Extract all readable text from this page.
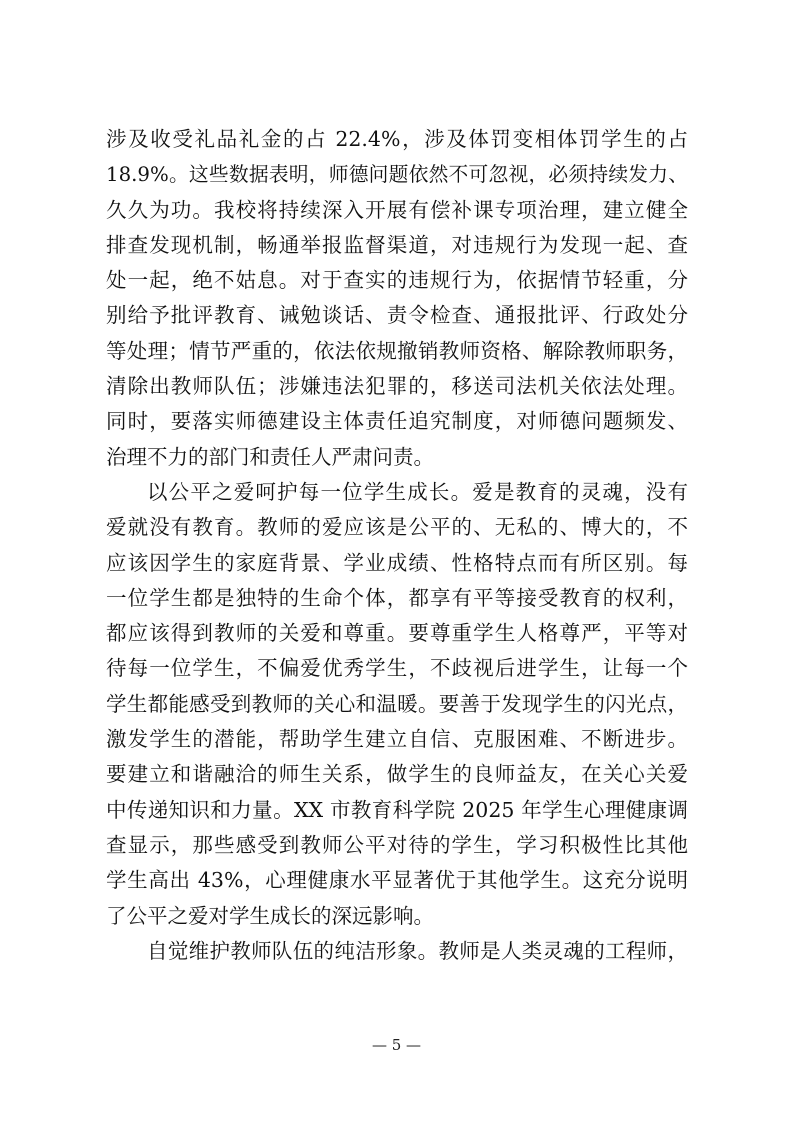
涉及收受礼品礼金的占 22.4%，涉及体罚变相体罚学生的占
18.9%。这些数据表明，师德问题依然不可忽视，必须持续发力、
久久为功。我校将持续深入开展有偿补课专项治理，建立健全
排查发现机制，畅通举报监督渠道，对违规行为发现一起、查
处一起，绝不姑息。对于查实的违规行为，依据情节轻重，分
别给予批评教育、诫勉谈话、责令检查、通报批评、行政处分
等处理；情节严重的，依法依规撤销教师资格、解除教师职务，
清除出教师队伍；涉嫌违法犯罪的，移送司法机关依法处理。
同时，要落实师德建设主体责任追究制度，对师德问题频发、
治理不力的部门和责任人严肃问责。
以公平之爱呵护每一位学生成长。爱是教育的灵魂，没有
爱就没有教育。教师的爱应该是公平的、无私的、博大的，不
应该因学生的家庭背景、学业成绩、性格特点而有所区别。每
一位学生都是独特的生命个体，都享有平等接受教育的权利，
都应该得到教师的关爱和尊重。要尊重学生人格尊严，平等对
待每一位学生，不偏爱优秀学生，不歧视后进学生，让每一个
学生都能感受到教师的关心和温暖。要善于发现学生的闪光点，
激发学生的潜能，帮助学生建立自信、克服困难、不断进步。
要建立和谐融洽的师生关系，做学生的良师益友，在关心关爱
中传递知识和力量。XX 市教育科学院 2025 年学生心理健康调
查显示，那些感受到教师公平对待的学生，学习积极性比其他
学生高出 43%，心理健康水平显著优于其他学生。这充分说明
了公平之爱对学生成长的深远影响。
自觉维护教师队伍的纯洁形象。教师是人类灵魂的工程师，
— 5 —
